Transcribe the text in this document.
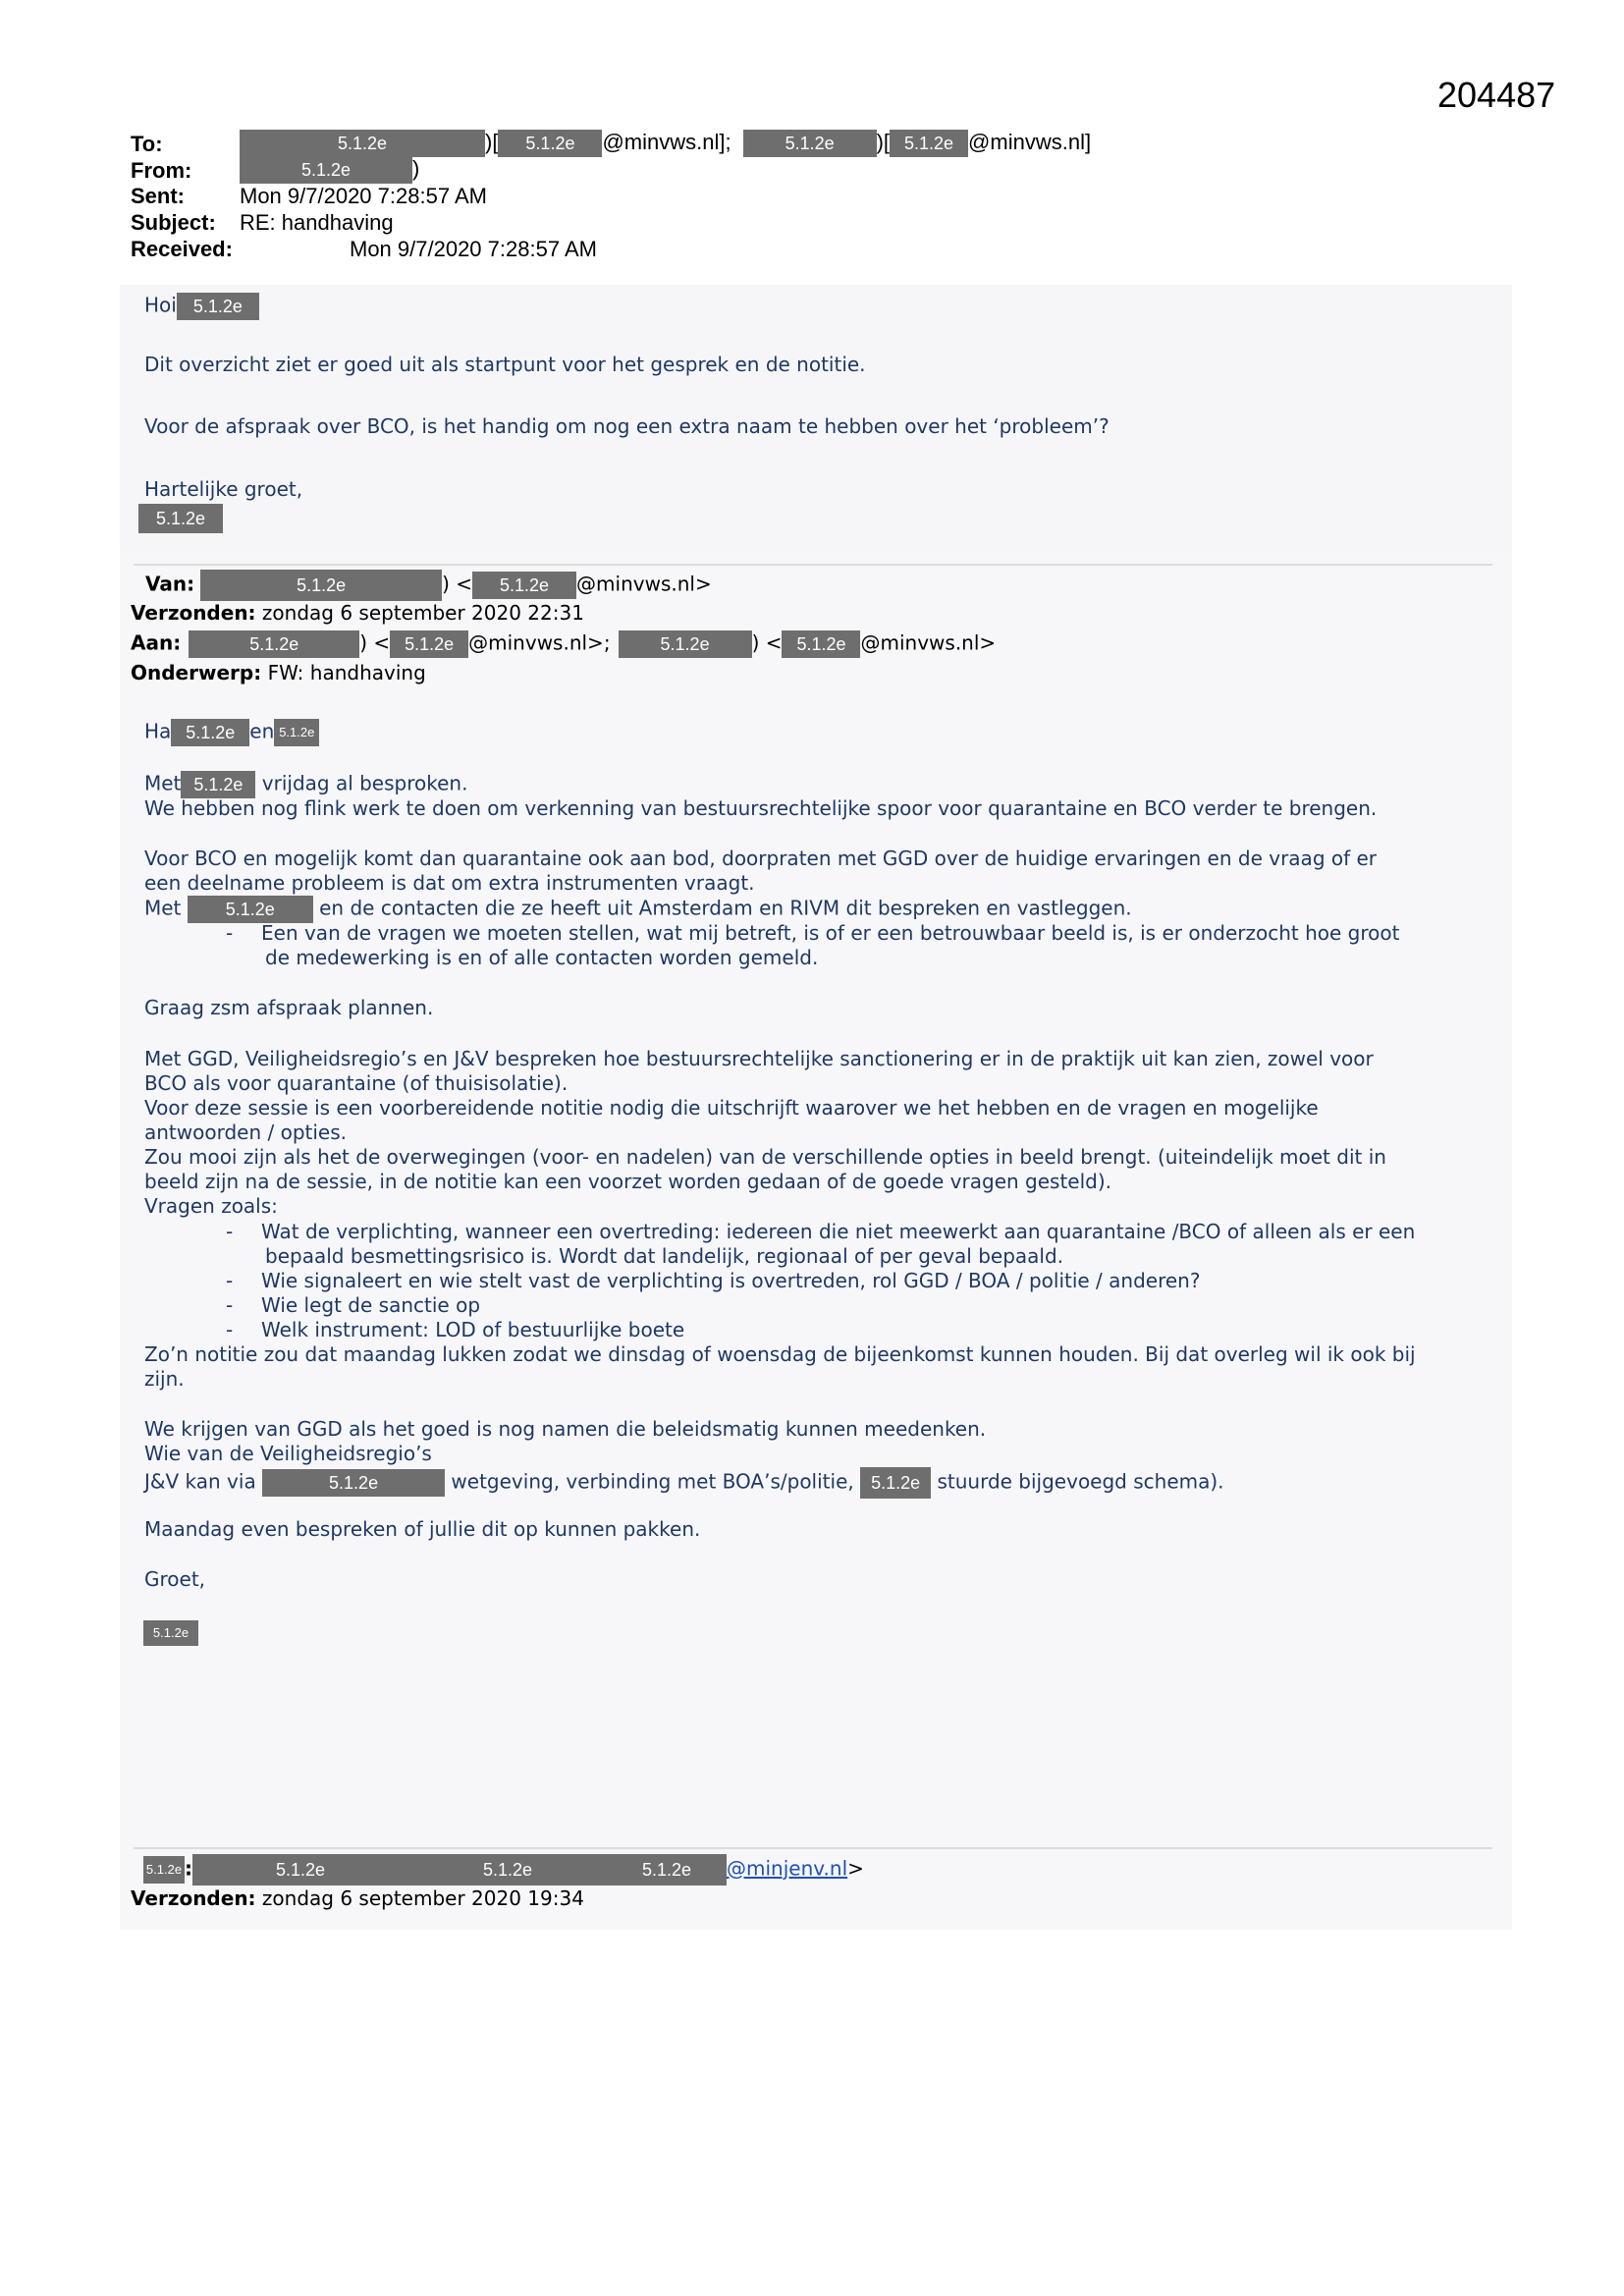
204487
To:	5.1.2e	)[ 5.1.2e @minvws.nl];	5.1.2e )[ 5.1.2e @minvws.nl]
From:	5.1.2e	)
Sent:	Mon 9/7/2020 7:28:57 AM
Subject: RE: handhaving
Received:	Mon 9/7/2020 7:28:57 AM
Hoi 5.1.2e
Dit overzicht ziet er goed uit als startpunt voor het gesprek en de notitie.
Voor de afspraak over BCO, is het handig om nog een extra naam te hebben over het ‘probleem’?
Hartelijke groet,
5.1.2e
Van:	5.1.2e	) < 5.1.2e @minvws.nl>
Verzonden: zondag 6 september 2020 22:31
Aan:	5.1.2e	) < 5.1.2e @minvws.nl>;	5.1.2e ) < 5.1.2e @minvws.nl>
Onderwerp: FW: handhaving
Ha 5.1.2e en 5.1.2e
Met 5.1.2e vrijdag al besproken.
We hebben nog flink werk te doen om verkenning van bestuursrechtelijke spoor voor quarantaine en BCO verder te brengen.
Voor BCO en mogelijk komt dan quarantaine ook aan bod, doorpraten met GGD over de huidige ervaringen en de vraag of er
een deelname probleem is dat om extra instrumenten vraagt.
Met	5.1.2e en de contacten die ze heeft uit Amsterdam en RIVM dit bespreken en vastleggen.
- Een van de vragen we moeten stellen, wat mij betreft, is of er een betrouwbaar beeld is, is er onderzocht hoe groot
de medewerking is en of alle contacten worden gemeld.
Graag zsm afspraak plannen.
Met GGD, Veiligheidsregio’s en J&V bespreken hoe bestuursrechtelijke sanctionering er in de praktijk uit kan zien, zowel voor
BCO als voor quarantaine (of thuisisolatie).
Voor deze sessie is een voorbereidende notitie nodig die uitschrijft waarover we het hebben en de vragen en mogelijke
antwoorden / opties.
Zou mooi zijn als het de overwegingen (voor- en nadelen) van de verschillende opties in beeld brengt. (uiteindelijk moet dit in
beeld zijn na de sessie, in de notitie kan een voorzet worden gedaan of de goede vragen gesteld).
Vragen zoals:
- Wat de verplichting, wanneer een overtreding: iedereen die niet meewerkt aan quarantaine /BCO of alleen als er een
bepaald besmettingsrisico is. Wordt dat landelijk, regionaal of per geval bepaald.
- Wie signaleert en wie stelt vast de verplichting is overtreden, rol GGD / BOA / politie / anderen?
- Wie legt de sanctie op
- Welk instrument: LOD of bestuurlijke boete
Zo’n notitie zou dat maandag lukken zodat we dinsdag of woensdag de bijeenkomst kunnen houden. Bij dat overleg wil ik ook bij
zijn.
We krijgen van GGD als het goed is nog namen die beleidsmatig kunnen meedenken.
Wie van de Veiligheidsregio’s
J&V kan via	5.1.2e	wetgeving, verbinding met BOA’s/politie, 5.1.2e stuurde bijgevoegd schema).
Maandag even bespreken of jullie dit op kunnen pakken.
Groet,
5.1.2e
5.1.2e :	5.1.2e	5.1.2e	5.1.2e @minjenv.nl>
Verzonden: zondag 6 september 2020 19:34
